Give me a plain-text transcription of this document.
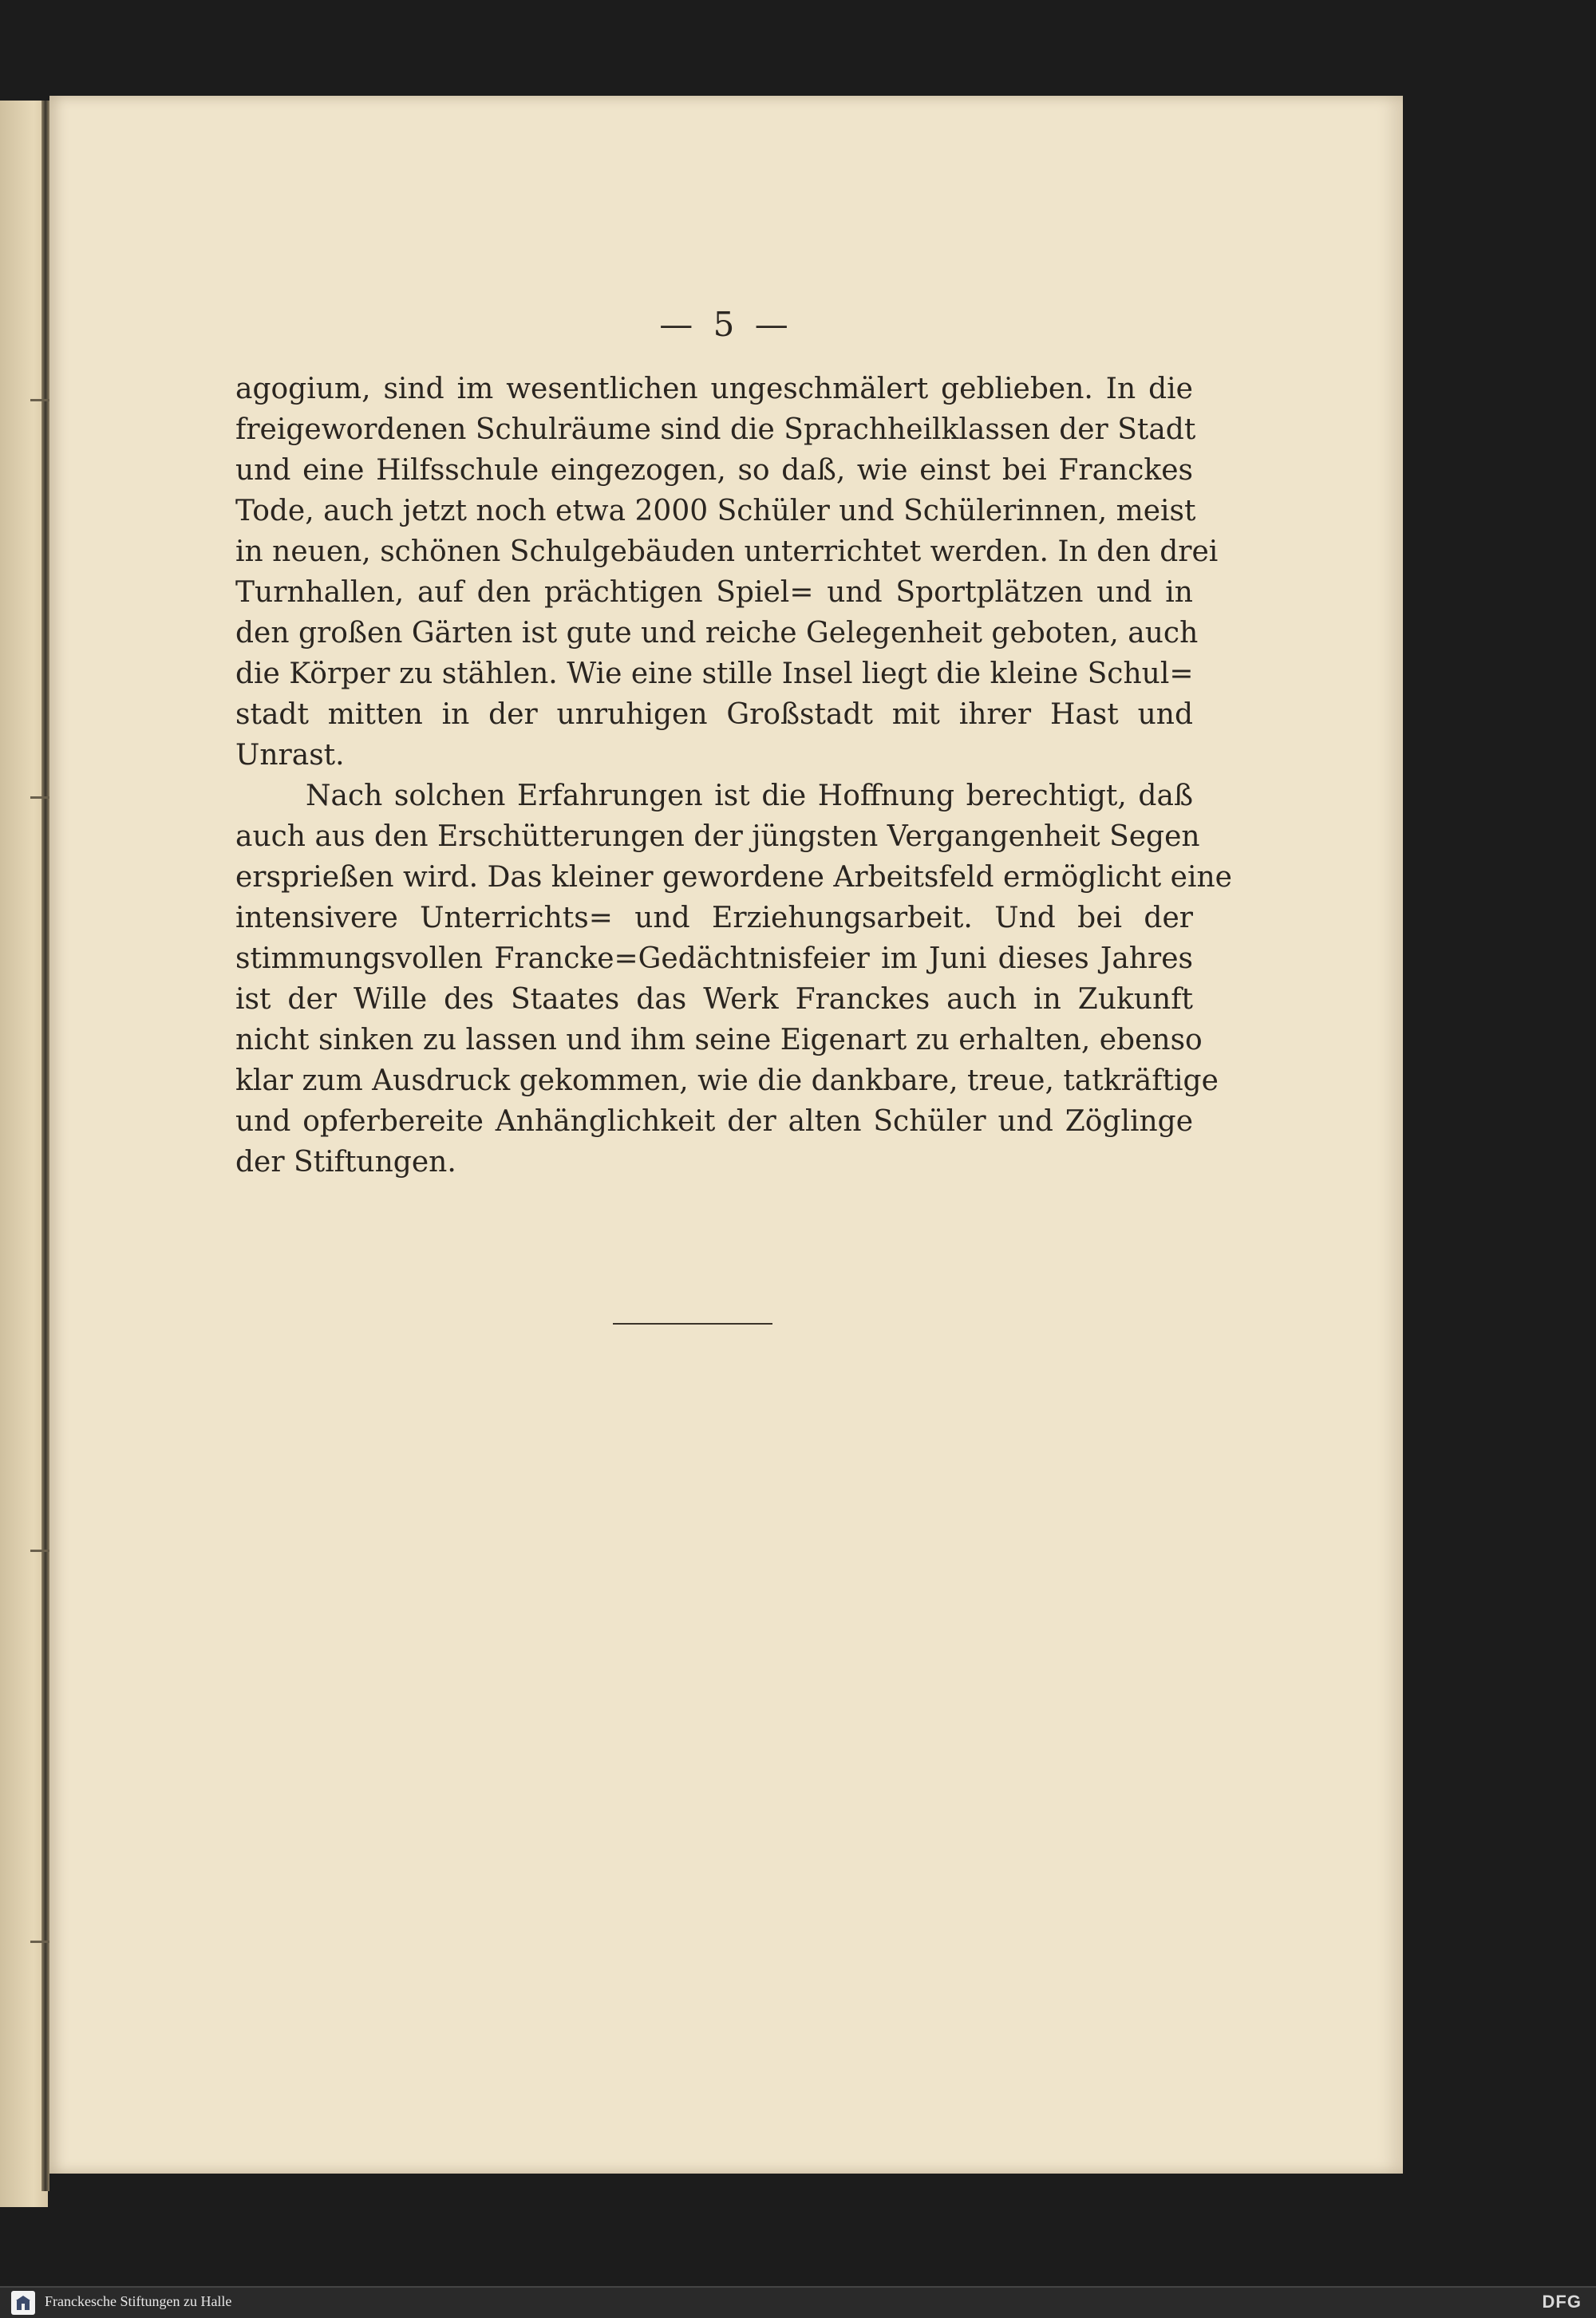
— 5 —
agogium, sind im wesentlichen ungeschmälert geblieben. In die
freigewordenen Schulräume sind die Sprachheilklassen der Stadt
und eine Hilfsschule eingezogen, so daß, wie einst bei Franckes
Tode, auch jetzt noch etwa 2000 Schüler und Schülerinnen, meist
in neuen, schönen Schulgebäuden unterrichtet werden. In den drei
Turnhallen, auf den prächtigen Spiel= und Sportplätzen und in
den großen Gärten ist gute und reiche Gelegenheit geboten, auch
die Körper zu stählen. Wie eine stille Insel liegt die kleine Schul=
stadt mitten in der unruhigen Großstadt mit ihrer Hast und
Unrast.
Nach solchen Erfahrungen ist die Hoffnung berechtigt, daß
auch aus den Erschütterungen der jüngsten Vergangenheit Segen
ersprießen wird. Das kleiner gewordene Arbeitsfeld ermöglicht eine
intensivere Unterrichts= und Erziehungsarbeit. Und bei der
stimmungsvollen Francke=Gedächtnisfeier im Juni dieses Jahres
ist der Wille des Staates das Werk Franckes auch in Zukunft
nicht sinken zu lassen und ihm seine Eigenart zu erhalten, ebenso
klar zum Ausdruck gekommen, wie die dankbare, treue, tatkräftige
und opferbereite Anhänglichkeit der alten Schüler und Zöglinge
der Stiftungen.
Franckesche Stiftungen zu Halle	DFG
